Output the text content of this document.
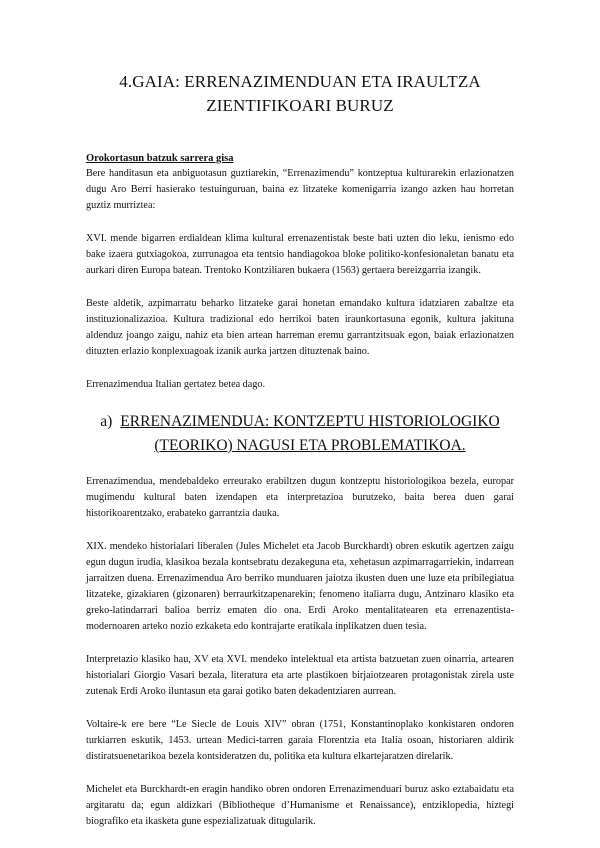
4.GAIA: ERRENAZIMENDUAN ETA IRAULTZA
ZIENTIFIKOARI BURUZ
Orokortasun batzuk sarrera gisa

Bere handitasun eta anbiguotasun guztiarekin, “Errenazimendu” kontzeptua kulturarekin erlazionatzen dugu Aro Berri hasierako testuinguruan, baina ez litzateke komenigarria izango azken hau horretan guztiz murriztea:

XVI. mende bigarren erdialdean klima kultural errenazentistak beste bati uzten dio leku, ienismo edo bake izaera gutxiagokoa, zurrunagoa eta tentsio handiagokoa bloke politiko-konfesionaletan banatu eta aurkari diren Europa batean. Trentoko Kontziliaren bukaera (1563) gertaera bereizgarria izangik.

Beste aldetik, azpimarratu beharko litzateke garai honetan emandako kultura idatziaren zabaltze eta instituzionalizazioa. Kultura tradizional edo herrikoi baten iraunkortasuna egonik, kultura jakituna aldenduz joango zaigu, nahiz eta bien artean harreman eremu garrantzitsuak egon, baiak erlazionatzen dituzten erlazio konplexuagoak izanik aurka jartzen dituztenak baino.

Errenazimendua Italian gertatez betea dago.

a) ERRENAZIMENDUA: KONTZEPTU HISTORIOLOGIKO
(TEORIKO) NAGUSI ETA PROBLEMATIKOA.

Errenazimendua, mendebaldeko erreurako erabiltzen dugun kontzeptu historiologikoa bezela, europar mugimendu kultural baten izendapen eta interpretazioa burutzeko, baita berea duen garai historikoarentzako, erabateko garrantzia dauka.

XIX. mendeko historialari liberalen (Jules Michelet eta Jacob Burckhardt) obren eskutik agertzen zaigu egun dugun irudia, klasikoa bezala kontsebratu dezakeguna eta, xehetasun azpimarragarriekin, indarrean jarraitzen duena. Errenazimendua Aro berriko munduaren jaiotza ikusten duen une luze eta pribilegiatua litzateke, gizakiaren (gizonaren) berraurkitzapenarekin; fenomeno italiarra dugu, Antzinaro klasiko eta greko-latindarrari balioa berriz ematen dio ona. Erdi Aroko mentalitatearen eta errenazentista-modernoaren arteko nozio ezkaketa edo kontrajarte eratikala inplikatzen duen tesia.

Interpretazio klasiko hau, XV eta XVI. mendeko intelektual eta artista batzuetan zuen oinarria, artearen historialari Giorgio Vasari bezala, literatura eta arte plastikoen birjaiotzearen protagonistak zirela uste zutenak Erdi Aroko iluntasun eta garai gotiko baten dekadentziaren aurrean.

Voltaire-k ere bere “Le Siecle de Louis XIV” obran (1751, Konstantinoplako konkistaren ondoren turkiarren eskutik, 1453. urtean Medici-tarren garaia Florentzia eta Italia osoan, historiaren aldirik distiratsuenetarikoa bezela kontsideratzen du, politika eta kultura elkartejaratzen direlarik.

Michelet eta Burckhardt-en eragin handiko obren ondoren Errenazimenduari buruz asko eztabaidatu eta argitaratu da; egun aldizkari (Bibliotheque d’Humanisme et Renaissance), entziklopedia, hiztegi biografiko eta ikasketa gune espezializatuak ditugularik.
